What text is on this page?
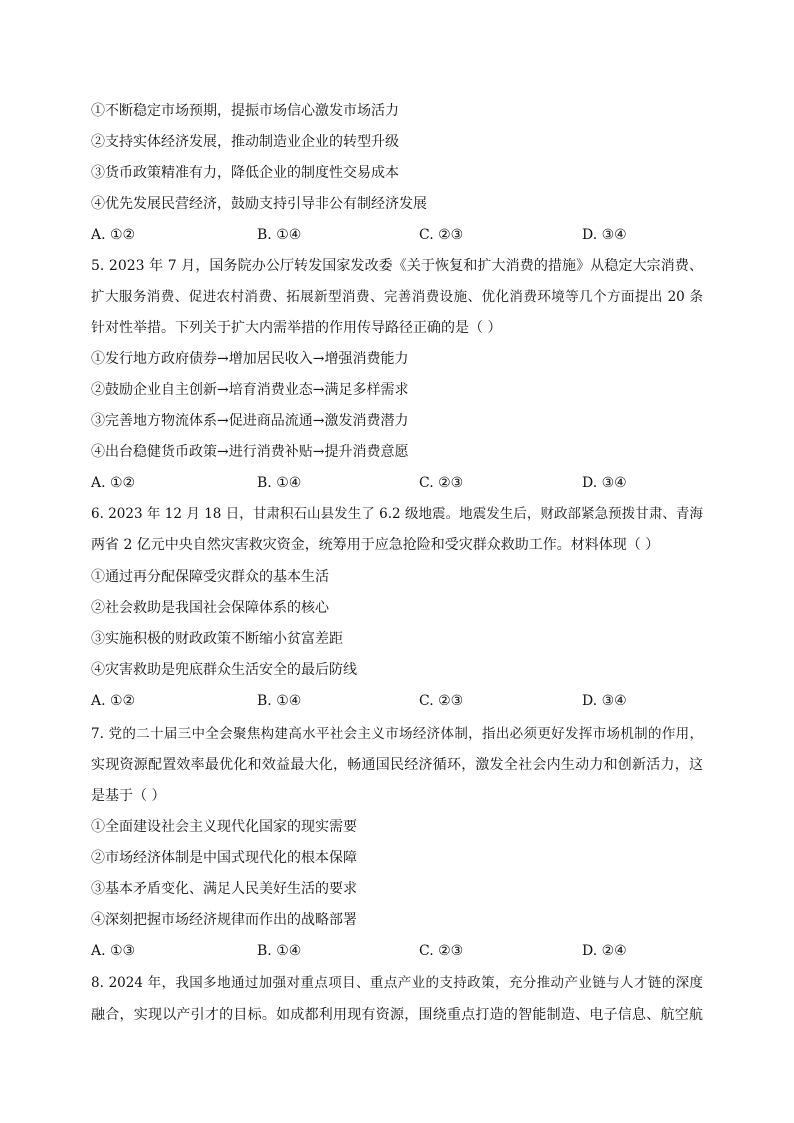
①不断稳定市场预期，提振市场信心激发市场活力
②支持实体经济发展，推动制造业企业的转型升级
③货币政策精准有力，降低企业的制度性交易成本
④优先发展民营经济，鼓励支持引导非公有制经济发展
A. ①②	B. ①④	C. ②③	D. ③④
5. 2023 年 7 月，国务院办公厅转发国家发改委《关于恢复和扩大消费的措施》从稳定大宗消费、
扩大服务消费、促进农村消费、拓展新型消费、完善消费设施、优化消费环境等几个方面提出 20 条
针对性举措。下列关于扩大内需举措的作用传导路径正确的是（ ）
①发行地方政府债券→增加居民收入→增强消费能力
②鼓励企业自主创新→培育消费业态→满足多样需求
③完善地方物流体系→促进商品流通→激发消费潜力
④出台稳健货币政策→进行消费补贴→提升消费意愿
A. ①②	B. ①④	C. ②③	D. ③④
6. 2023 年 12 月 18 日，甘肃积石山县发生了 6.2 级地震。地震发生后，财政部紧急预拨甘肃、青海
两省 2 亿元中央自然灾害救灾资金，统筹用于应急抢险和受灾群众救助工作。材料体现（ ）
①通过再分配保障受灾群众的基本生活
②社会救助是我国社会保障体系的核心
③实施积极的财政政策不断缩小贫富差距
④灾害救助是兜底群众生活安全的最后防线
A. ①②	B. ①④	C. ②③	D. ③④
7. 党的二十届三中全会聚焦构建高水平社会主义市场经济体制，指出必须更好发挥市场机制的作用，
实现资源配置效率最优化和效益最大化，畅通国民经济循环，激发全社会内生动力和创新活力，这
是基于（ ）
①全面建设社会主义现代化国家的现实需要
②市场经济体制是中国式现代化的根本保障
③基本矛盾变化、满足人民美好生活的要求
④深刻把握市场经济规律而作出的战略部署
A. ①③	B. ①④	C. ②③	D. ②④
8. 2024 年，我国多地通过加强对重点项目、重点产业的支持政策，充分推动产业链与人才链的深度
融合，实现以产引才的目标。如成都利用现有资源，围绕重点打造的智能制造、电子信息、航空航
